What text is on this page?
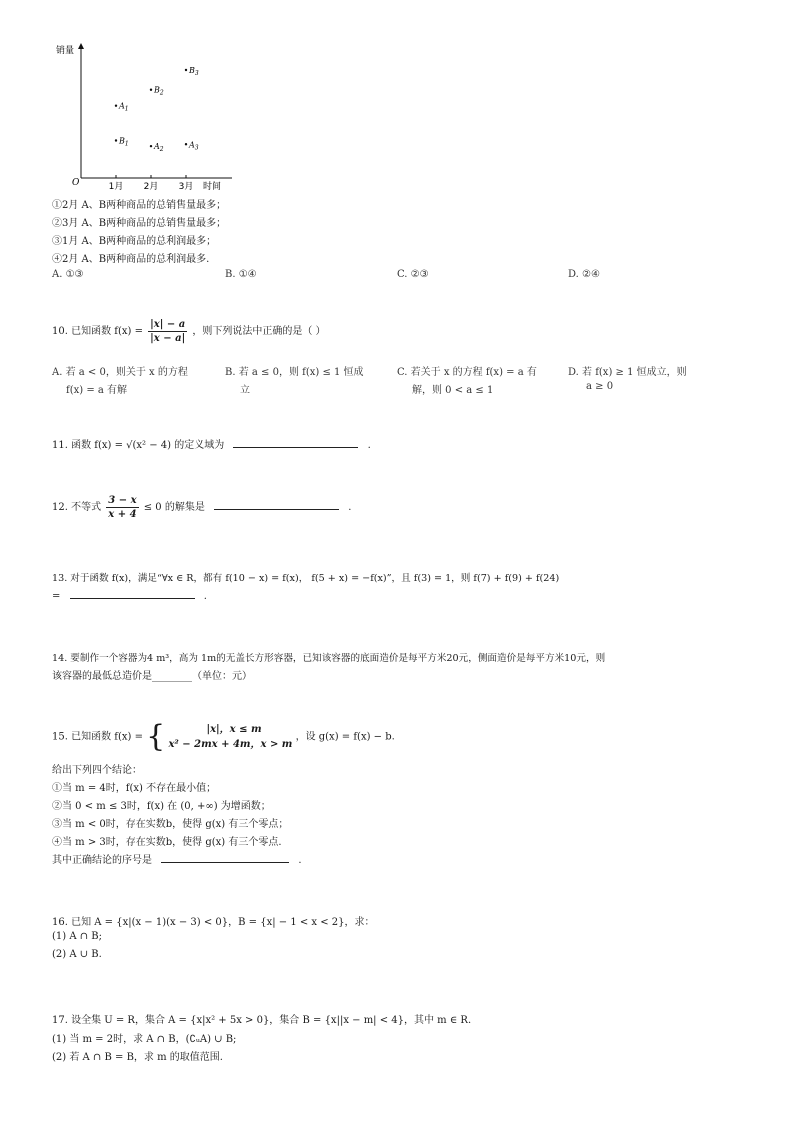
销量
O	时间
1月 2月 3月
$A_1$
$B_1$	$A_2$
$B_2$
$A_3$
$B_3$
①2月 A、B两种商品的总销售量最多；
②3月 A、B两种商品的总销售量最多；
③1月 A、B两种商品的总利润最多；
④2月 A、B两种商品的总利润最多.
A. ①③	B. ①④	C. ②③	D. ②④
10. 已知函数 $f(x) = \frac{|x| - a}{|x - a|}$ ，则下列说法中正确的是（ ）
A. 若 a < 0，则关于 x 的方程
f(x) = a 有解
B. 若 a ≤ 0，则 f(x) ≤ 1 恒成
立
C. 若关于 x 的方程 f(x) = a 有
解，则 0 < a ≤ 1
D. 若 f(x) ≥ 1 恒成立，则
a ≥ 0
11. 函数 f(x) = √(x² − 4) 的定义域为	.
12. 不等式 $\frac{3 - x}{x + 4} \le 0$ 的解集是	.
13. 对于函数 f(x)，满足“∀x ∈ R，都有 f(10 − x) = f(x)， f(5 + x) = −f(x)”，且 f(3) = 1，则 f(7) + f(9) + f(24)
=	.
14. 要制作一个容器为4 m³，高为 1m的无盖长方形容器，已知该容器的底面造价是每平方米20元，侧面造价是每平方米10元，则
该容器的最低总造价是________（单位：元）
15. 已知函数 f(x) = {	|x|，x ≤ m
x² − 2mx + 4m，x > m
，设 g(x) = f(x) − b.
给出下列四个结论：
①当 m = 4时，f(x) 不存在最小值；
②当 0 < m ≤ 3时，f(x) 在 (0, +∞) 为增函数；
③当 m < 0时，存在实数b，使得 g(x) 有三个零点；
④当 m > 3时，存在实数b，使得 g(x) 有三个零点.
其中正确结论的序号是	.
16. 已知 A = {x|(x − 1)(x − 3) < 0}，B = {x| − 1 < x < 2}，求：
(1) A ∩ B;
(2) A ∪ B.
17. 设全集 U = R，集合 A = {x|x² + 5x > 0}，集合 B = {x||x − m| < 4}，其中 m ∈ R.
(1) 当 m = 2时，求 A ∩ B，(∁ᵤA) ∪ B;
(2) 若 A ∩ B = B，求 m 的取值范围.
